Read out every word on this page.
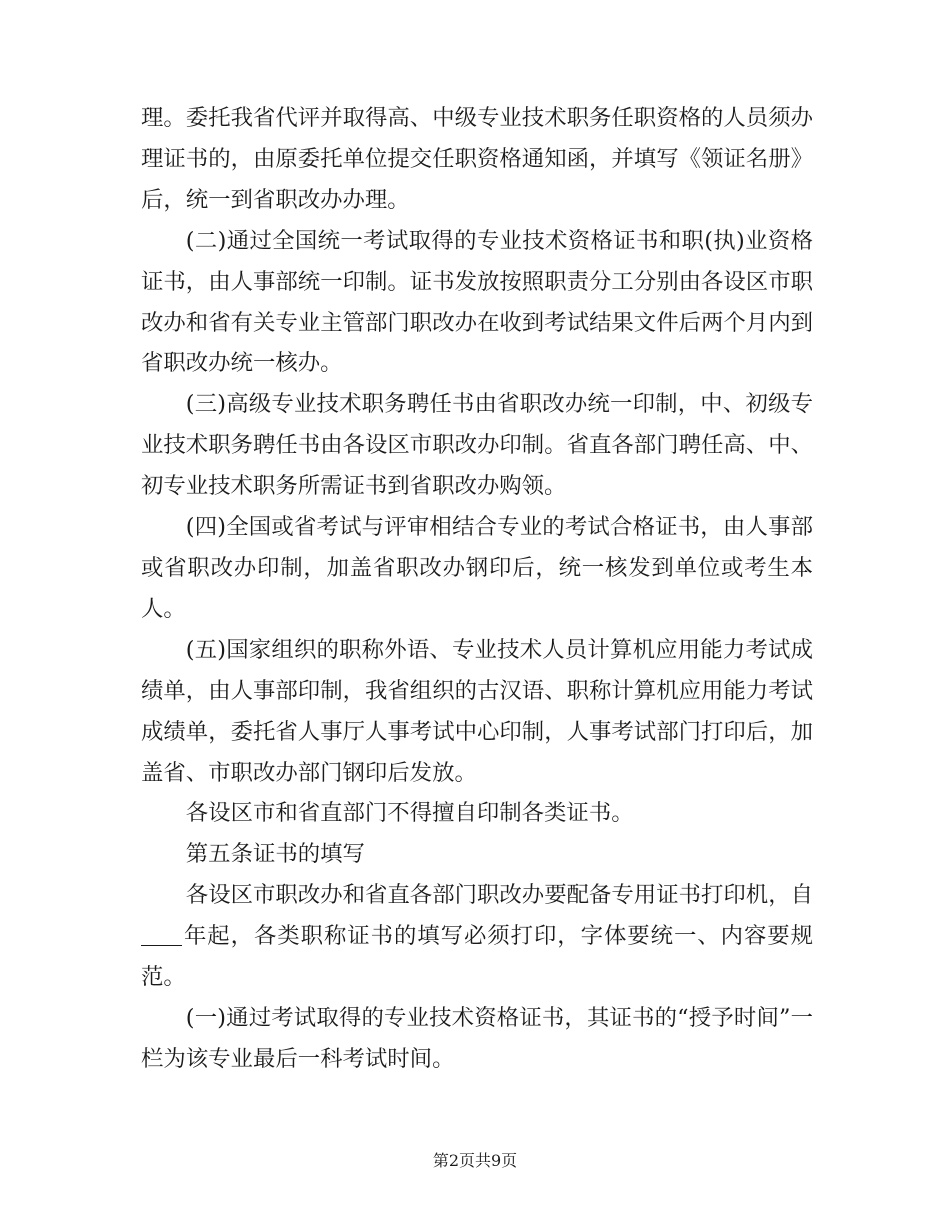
理。委托我省代评并取得高、中级专业技术职务任职资格的人员须办理证书的，由原委托单位提交任职资格通知函，并填写《领证名册》后，统一到省职改办办理。

(二)通过全国统一考试取得的专业技术资格证书和职(执)业资格证书，由人事部统一印制。证书发放按照职责分工分别由各设区市职改办和省有关专业主管部门职改办在收到考试结果文件后两个月内到省职改办统一核办。

(三)高级专业技术职务聘任书由省职改办统一印制，中、初级专业技术职务聘任书由各设区市职改办印制。省直各部门聘任高、中、初专业技术职务所需证书到省职改办购领。

(四)全国或省考试与评审相结合专业的考试合格证书，由人事部或省职改办印制，加盖省职改办钢印后，统一核发到单位或考生本人。

(五)国家组织的职称外语、专业技术人员计算机应用能力考试成绩单，由人事部印制，我省组织的古汉语、职称计算机应用能力考试成绩单，委托省人事厅人事考试中心印制，人事考试部门打印后，加盖省、市职改办部门钢印后发放。

各设区市和省直部门不得擅自印制各类证书。

第五条证书的填写

各设区市职改办和省直各部门职改办要配备专用证书打印机，自年起，各类职称证书的填写必须打印，字体要统一、内容要规范。

(一)通过考试取得的专业技术资格证书，其证书的“授予时间”一栏为该专业最后一科考试时间。

第2页共9页
